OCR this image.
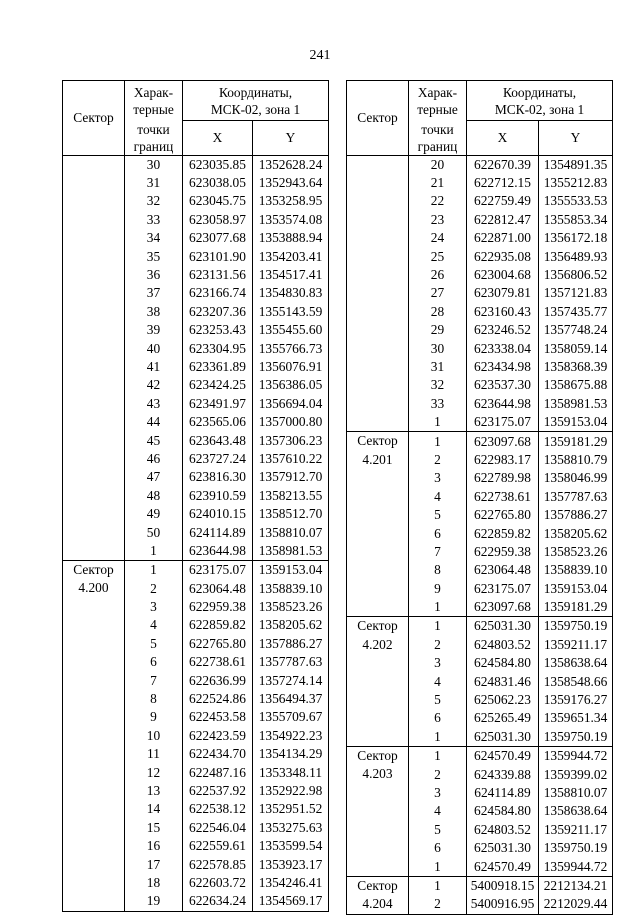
241
Сектор	Харак-
терные	Координаты,
МСК-02, зона 1	
	точки
границ	X	Y
	30	623035.85	1352628.24
	31	623038.05	1352943.64
	32	623045.75	1353258.95
	33	623058.97	1353574.08
	34	623077.68	1353888.94
	35	623101.90	1354203.41
	36	623131.56	1354517.41
	37	623166.74	1354830.83
	38	623207.36	1355143.59
	39	623253.43	1355455.60
	40	623304.95	1355766.73
	41	623361.89	1356076.91
	42	623424.25	1356386.05
	43	623491.97	1356694.04
	44	623565.06	1357000.80
	45	623643.48	1357306.23
	46	623727.24	1357610.22
	47	623816.30	1357912.70
	48	623910.59	1358213.55
	49	624010.15	1358512.70
	50	624114.89	1358810.07
	1	623644.98	1358981.53
Сектор	1	623175.07	1359153.04
4.200	2	623064.48	1358839.10
	3	622959.38	1358523.26
	4	622859.82	1358205.62
	5	622765.80	1357886.27
	6	622738.61	1357787.63
	7	622636.99	1357274.14
	8	622524.86	1356494.37
	9	622453.58	1355709.67
	10	622423.59	1354922.23
	11	622434.70	1354134.29
	12	622487.16	1353348.11
	13	622537.92	1352922.98
	14	622538.12	1352951.52
	15	622546.04	1353275.63
	16	622559.61	1353599.54
	17	622578.85	1353923.17
	18	622603.72	1354246.41
	19	622634.24	1354569.17
Сектор	Харак-
терные	Координаты,
МСК-02, зона 1	
	точки
границ	X	Y
	20	622670.39	1354891.35
	21	622712.15	1355212.83
	22	622759.49	1355533.53
	23	622812.47	1355853.34
	24	622871.00	1356172.18
	25	622935.08	1356489.93
	26	623004.68	1356806.52
	27	623079.81	1357121.83
	28	623160.43	1357435.77
	29	623246.52	1357748.24
	30	623338.04	1358059.14
	31	623434.98	1358368.39
	32	623537.30	1358675.88
	33	623644.98	1358981.53
	1	623175.07	1359153.04
Сектор	1	623097.68	1359181.29
4.201	2	622983.17	1358810.79
	3	622789.98	1358046.99
	4	622738.61	1357787.63
	5	622765.80	1357886.27
	6	622859.82	1358205.62
	7	622959.38	1358523.26
	8	623064.48	1358839.10
	9	623175.07	1359153.04
	1	623097.68	1359181.29
Сектор	1	625031.30	1359750.19
4.202	2	624803.52	1359211.17
	3	624584.80	1358638.64
	4	624831.46	1358548.66
	5	625062.23	1359176.27
	6	625265.49	1359651.34
	1	625031.30	1359750.19
Сектор	1	624570.49	1359944.72
4.203	2	624339.88	1359399.02
	3	624114.89	1358810.07
	4	624584.80	1358638.64
	5	624803.52	1359211.17
	6	625031.30	1359750.19
	1	624570.49	1359944.72
Сектор	1	5400918.15	2212134.21
4.204	2	5400916.95	2212029.44
